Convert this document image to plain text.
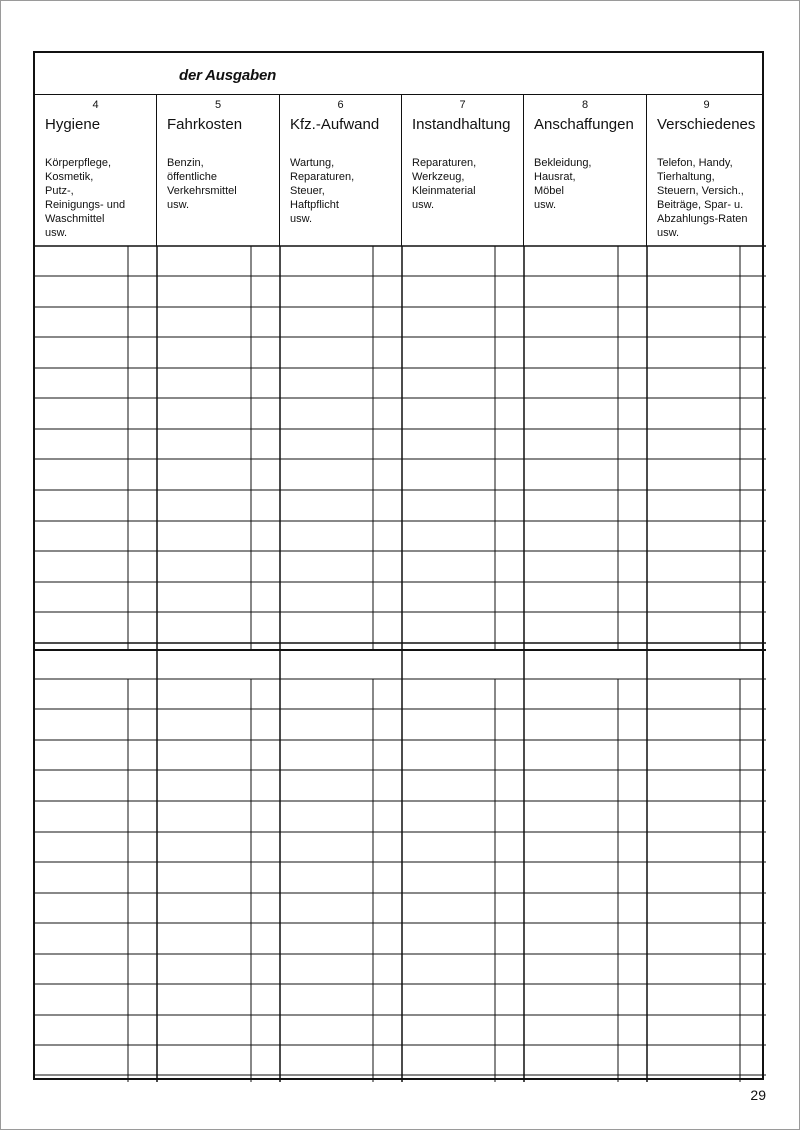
der Ausgaben
4
Hygiene
Körperpflege,
Kosmetik,
Putz-,
Reinigungs- und
Waschmittel
usw.
5
Fahrkosten
Benzin,
öffentliche
Verkehrsmittel
usw.
6
Kfz.-Aufwand
Wartung,
Reparaturen,
Steuer,
Haftpflicht
usw.
7
Instandhaltung
Reparaturen,
Werkzeug,
Kleinmaterial
usw.
8
Anschaffungen
Bekleidung,
Hausrat,
Möbel
usw.
9
Verschiedenes
Telefon, Handy,
Tierhaltung,
Steuern, Versich.,
Beiträge, Spar- u.
Abzahlungs-Raten
usw.
29
